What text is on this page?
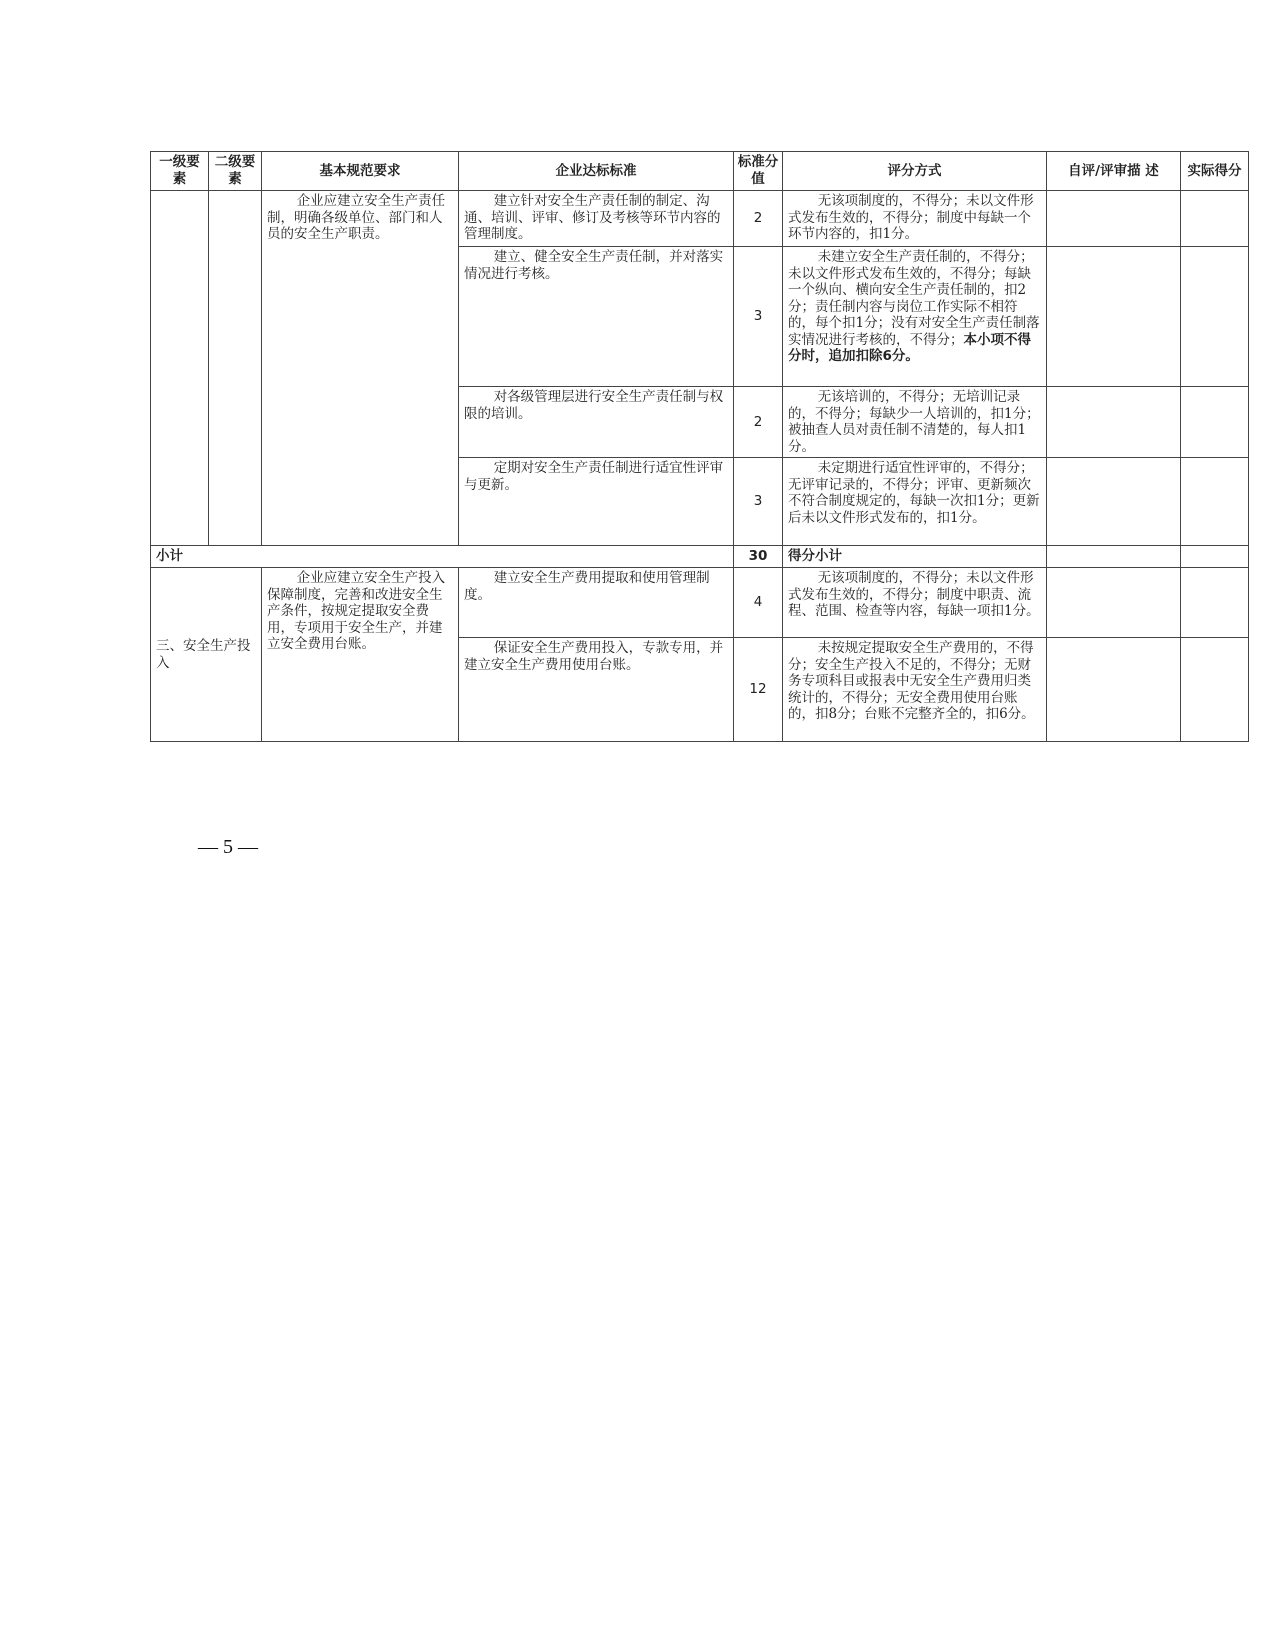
一级要素	二级要素	基本规范要求	企业达标标准	标准分值	评分方式	自评/评审描 述	实际得分
		企业应建立安全生产责任制，明确各级单位、部门和人员的安全生产职责。	建立针对安全生产责任制的制定、沟通、培训、评审、修订及考核等环节内容的管理制度。	2	无该项制度的，不得分；未以文件形式发布生效的，不得分；制度中每缺一个环节内容的，扣1分。		
			建立、健全安全生产责任制，并对落实情况进行考核。	3	未建立安全生产责任制的，不得分；未以文件形式发布生效的，不得分；每缺一个纵向、横向安全生产责任制的，扣2分；责任制内容与岗位工作实际不相符的，每个扣1分；没有对安全生产责任制落实情况进行考核的，不得分；本小项不得分时，追加扣除6分。		
			对各级管理层进行安全生产责任制与权限的培训。	2	无该培训的，不得分；无培训记录的，不得分；每缺少一人培训的，扣1分；被抽查人员对责任制不清楚的，每人扣1分。		
			定期对安全生产责任制进行适宜性评审与更新。	3	未定期进行适宜性评审的，不得分；无评审记录的，不得分；评审、更新频次不符合制度规定的，每缺一次扣1分；更新后未以文件形式发布的，扣1分。		
小计				30	得分小计		
三、安全生产投入		企业应建立安全生产投入保障制度，完善和改进安全生产条件，按规定提取安全费用，专项用于安全生产，并建立安全费用台账。	建立安全生产费用提取和使用管理制度。	4	无该项制度的，不得分；未以文件形式发布生效的，不得分；制度中职责、流程、范围、检查等内容，每缺一项扣1分。		
			保证安全生产费用投入，专款专用，并建立安全生产费用使用台账。	12	未按规定提取安全生产费用的，不得分；安全生产投入不足的，不得分；无财务专项科目或报表中无安全生产费用归类统计的，不得分；无安全费用使用台账的，扣8分；台账不完整齐全的，扣6分。		
— 5 —
